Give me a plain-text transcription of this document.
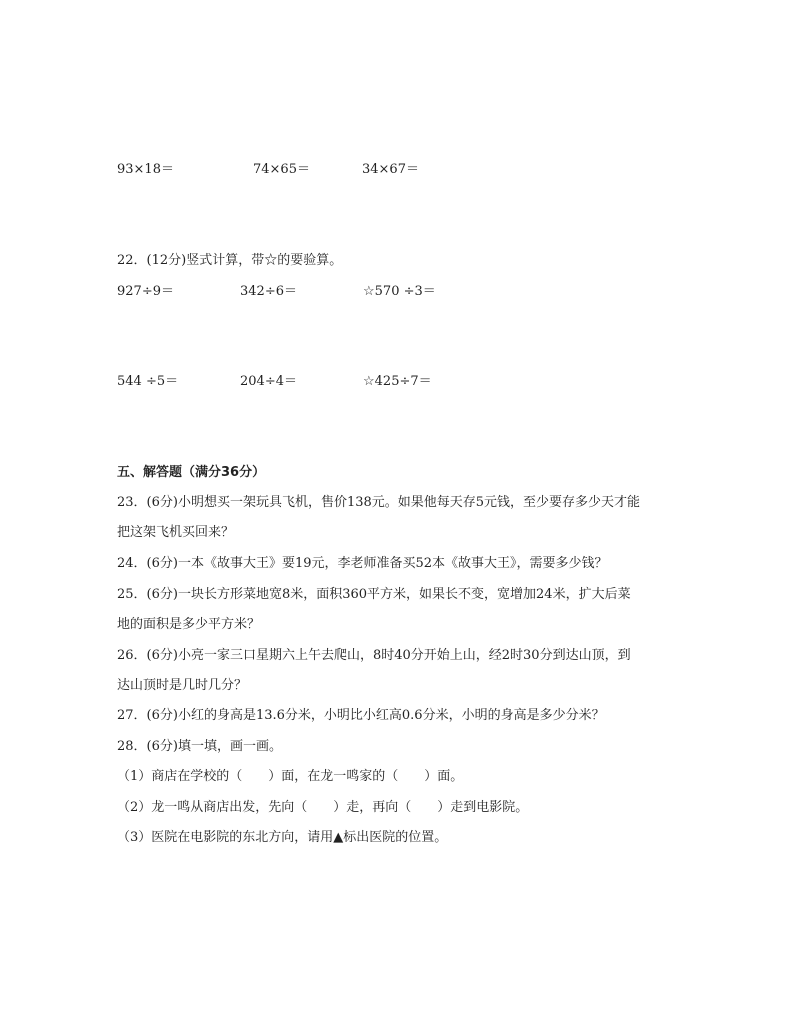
93×18＝	74×65＝	34×67＝
22．(12分)竖式计算，带☆的要验算。
927÷9＝	342÷6＝	☆570 ÷3＝
544 ÷5＝	204÷4＝	☆425÷7＝
五、解答题（满分36分）
23．(6分)小明想买一架玩具飞机，售价138元。如果他每天存5元钱，至少要存多少天才能
把这架飞机买回来？
24．(6分)一本《故事大王》要19元，李老师准备买52本《故事大王》，需要多少钱？
25．(6分)一块长方形菜地宽8米，面积360平方米，如果长不变，宽增加24米，扩大后菜
地的面积是多少平方米？
26．(6分)小亮一家三口星期六上午去爬山，8时40分开始上山，经2时30分到达山顶，到
达山顶时是几时几分？
27．(6分)小红的身高是13.6分米，小明比小红高0.6分米，小明的身高是多少分米？
28．(6分)填一填，画一画。
（1）商店在学校的（　　）面，在龙一鸣家的（　　）面。
（2）龙一鸣从商店出发，先向（　　）走，再向（　　）走到电影院。
（3）医院在电影院的东北方向，请用▲标出医院的位置。
